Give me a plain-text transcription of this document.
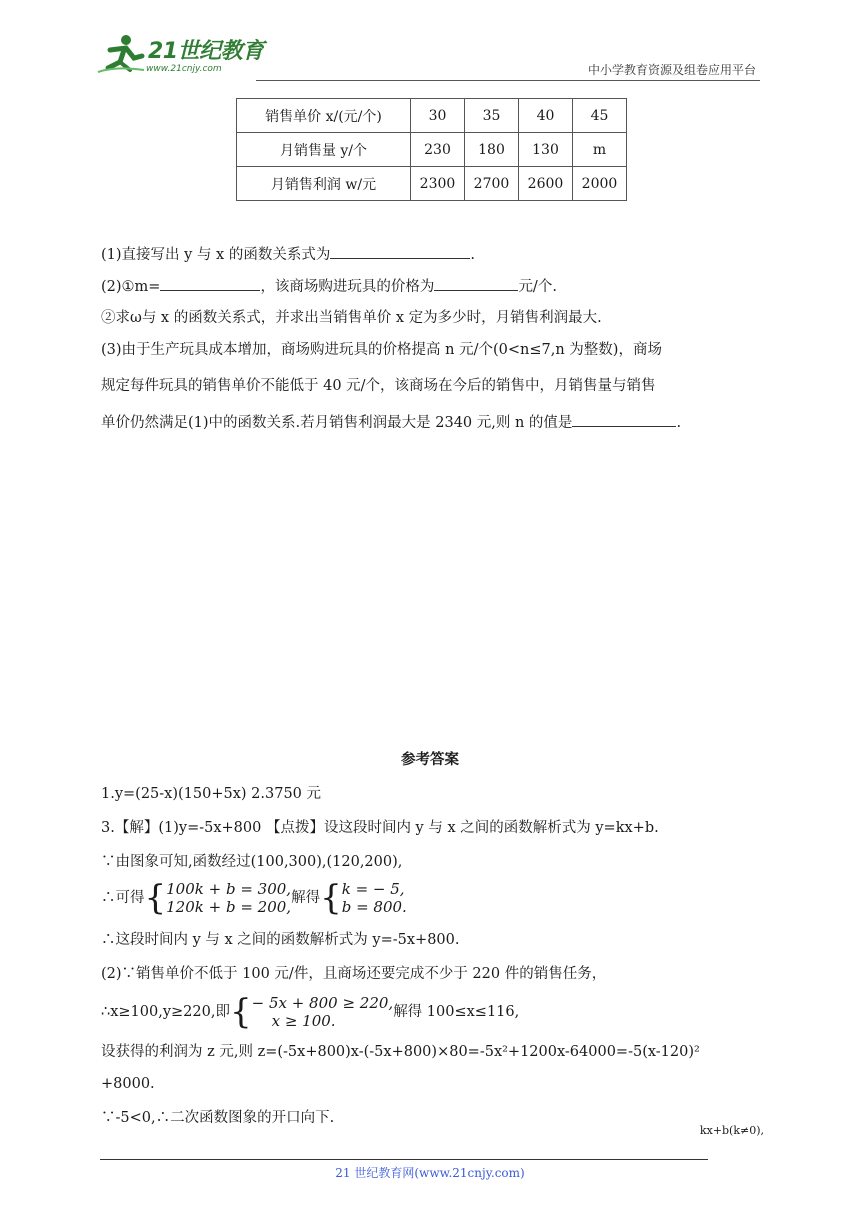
21世纪教育
www.21cnjy.com	中小学教育资源及组卷应用平台
销售单价 x/(元/个)	30	35	40	45
月销售量 y/个	230	180	130	m
月销售利润 w/元	2300	2700	2600	2000
(1)直接写出 y 与 x 的函数关系式为	.
(2)①m=	，该商场购进玩具的价格为	元/个.
②求ω与 x 的函数关系式，并求出当销售单价 x 定为多少时，月销售利润最大.
(3)由于生产玩具成本增加，商场购进玩具的价格提高 n 元/个(0<n≤7,n 为整数)，商场
规定每件玩具的销售单价不能低于 40 元/个，该商场在今后的销售中，月销售量与销售
单价仍然满足(1)中的函数关系.若月销售利润最大是 2340 元,则 n 的值是	.
参考答案
1.y=(25-x)(150+5x) 2.3750 元
3.【解】(1)y=-5x+800 【点拨】设这段时间内 y 与 x 之间的函数解析式为 y=kx+b.
∵由图象可知,函数经过(100,300),(120,200),
∴可得{100k + b = 300,
120k + b = 200,解得{k = − 5,
b = 800.
∴这段时间内 y 与 x 之间的函数解析式为 y=-5x+800.
(2)∵销售单价不低于 100 元/件，且商场还要完成不少于 220 件的销售任务，
∴x≥100,y≥220,即{− 5x + 800 ≥ 220,
x ≥ 100.	解得 100≤x≤116,
设获得的利润为 z 元,则 z=(-5x+800)x-(-5x+800)×80=-5x²+1200x-64000=-5(x-120)²
+8000.
∵-5<0,∴二次函数图象的开口向下.
kx+b(k≠0),
21 世纪教育网(www.21cnjy.com)
